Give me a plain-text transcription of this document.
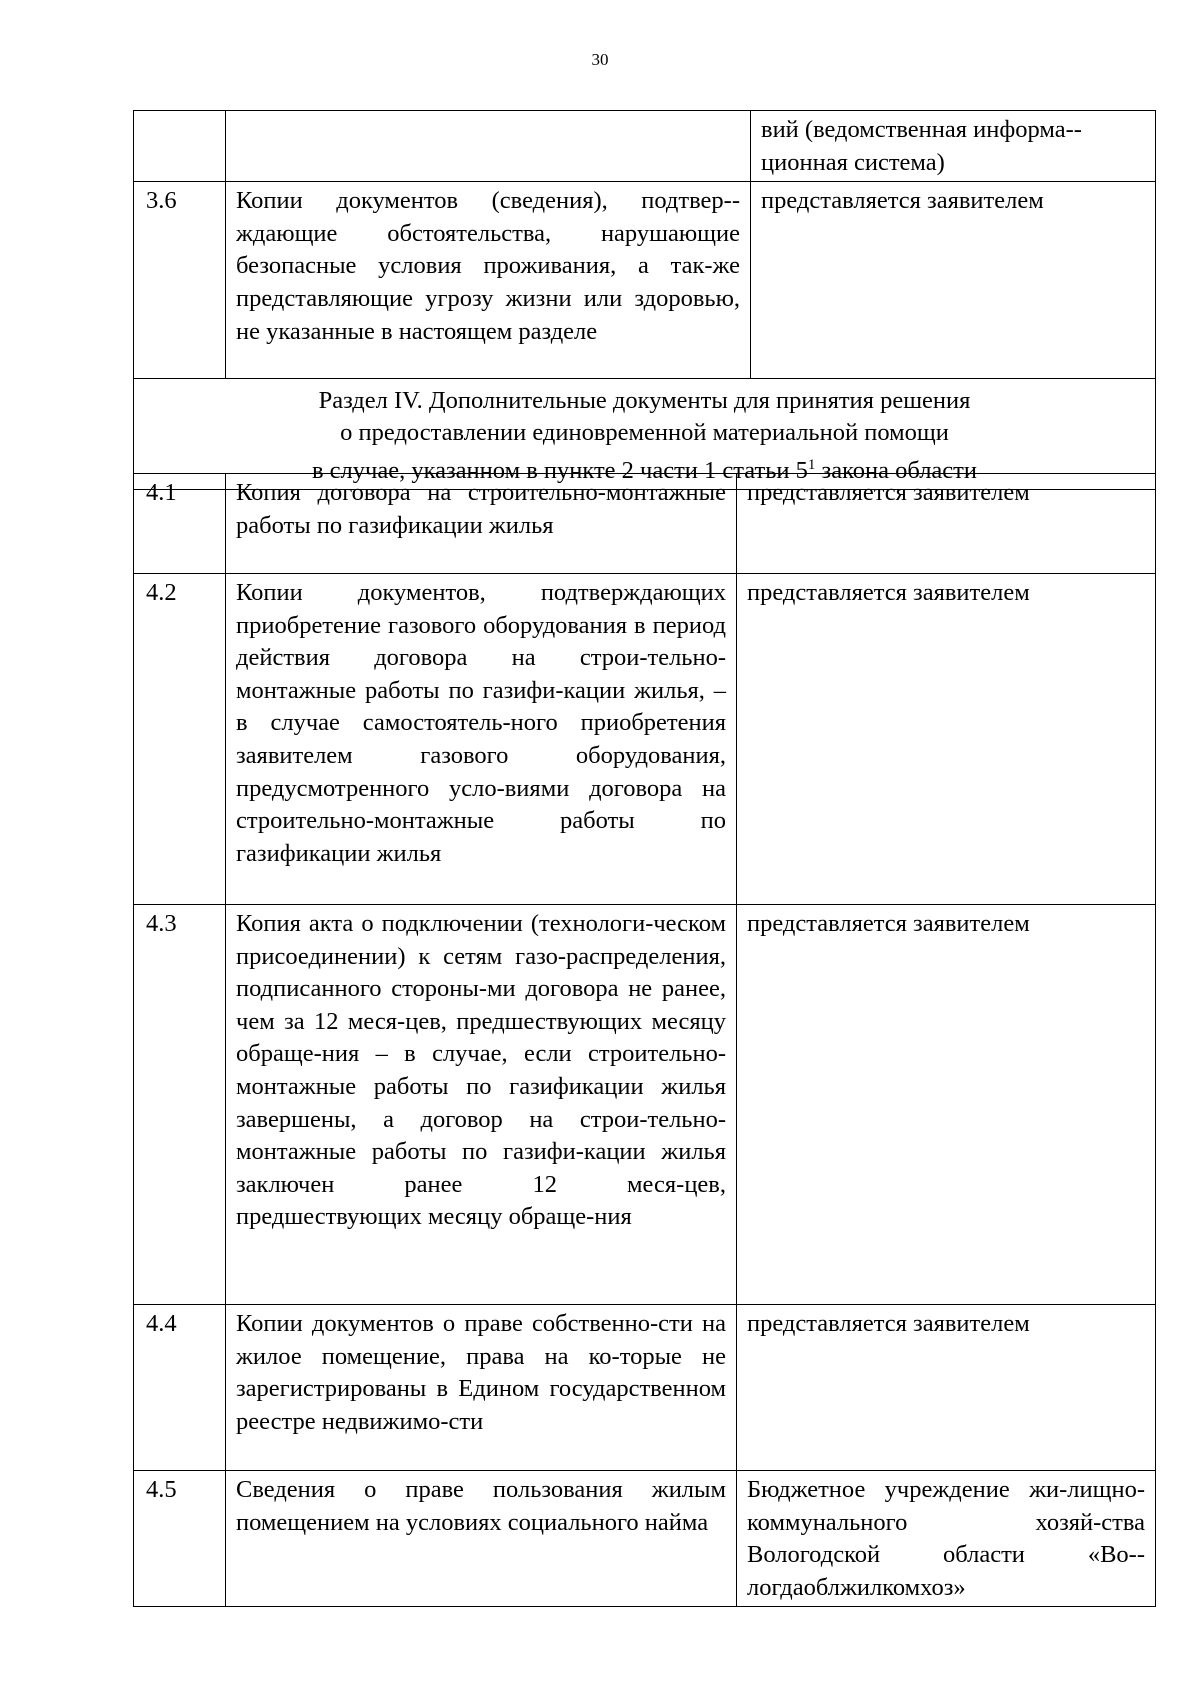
30
		вий (ведомственная информа-ционная система)
3.6	Копии документов (сведения), подтвер-ждающие обстоятельства, нарушающие безопасные условия проживания, а так-же представляющие угрозу жизни или здоровью, не указанные в настоящем разделе	представляется заявителем

Раздел IV. Дополнительные документы для принятия решения
о предоставлении единовременной материальной помощи
в случае, указанном в пункте 2 части 1 статьи $5^1$ закона области		
4.1	Копия договора на строительно-монтажные работы по газификации жилья	представляется заявителем
4.2	Копии документов, подтверждающих приобретение газового оборудования в период действия договора на строи-тельно-монтажные работы по газифи-кации жилья, – в случае самостоятель-ного приобретения заявителем газового оборудования, предусмотренного усло-виями договора на строительно-монтажные работы по газификации жилья	представляется заявителем
4.3	Копия акта о подключении (технологи-ческом присоединении) к сетям газо-распределения, подписанного стороны-ми договора не ранее, чем за 12 меся-цев, предшествующих месяцу обраще-ния – в случае, если строительно-монтажные работы по газификации жилья завершены, а договор на строи-тельно-монтажные работы по газифи-кации жилья заключен ранее 12 меся-цев, предшествующих месяцу обраще-ния	представляется заявителем
4.4	Копии документов о праве собственно-сти на жилое помещение, права на ко-торые не зарегистрированы в Едином государственном реестре недвижимо-сти	представляется заявителем
4.5	Сведения о праве пользования жилым помещением на условиях социального найма	Бюджетное учреждение жи-лищно-коммунального хозяй-ства Вологодской области «Во-логдаоблжилкомхоз»
